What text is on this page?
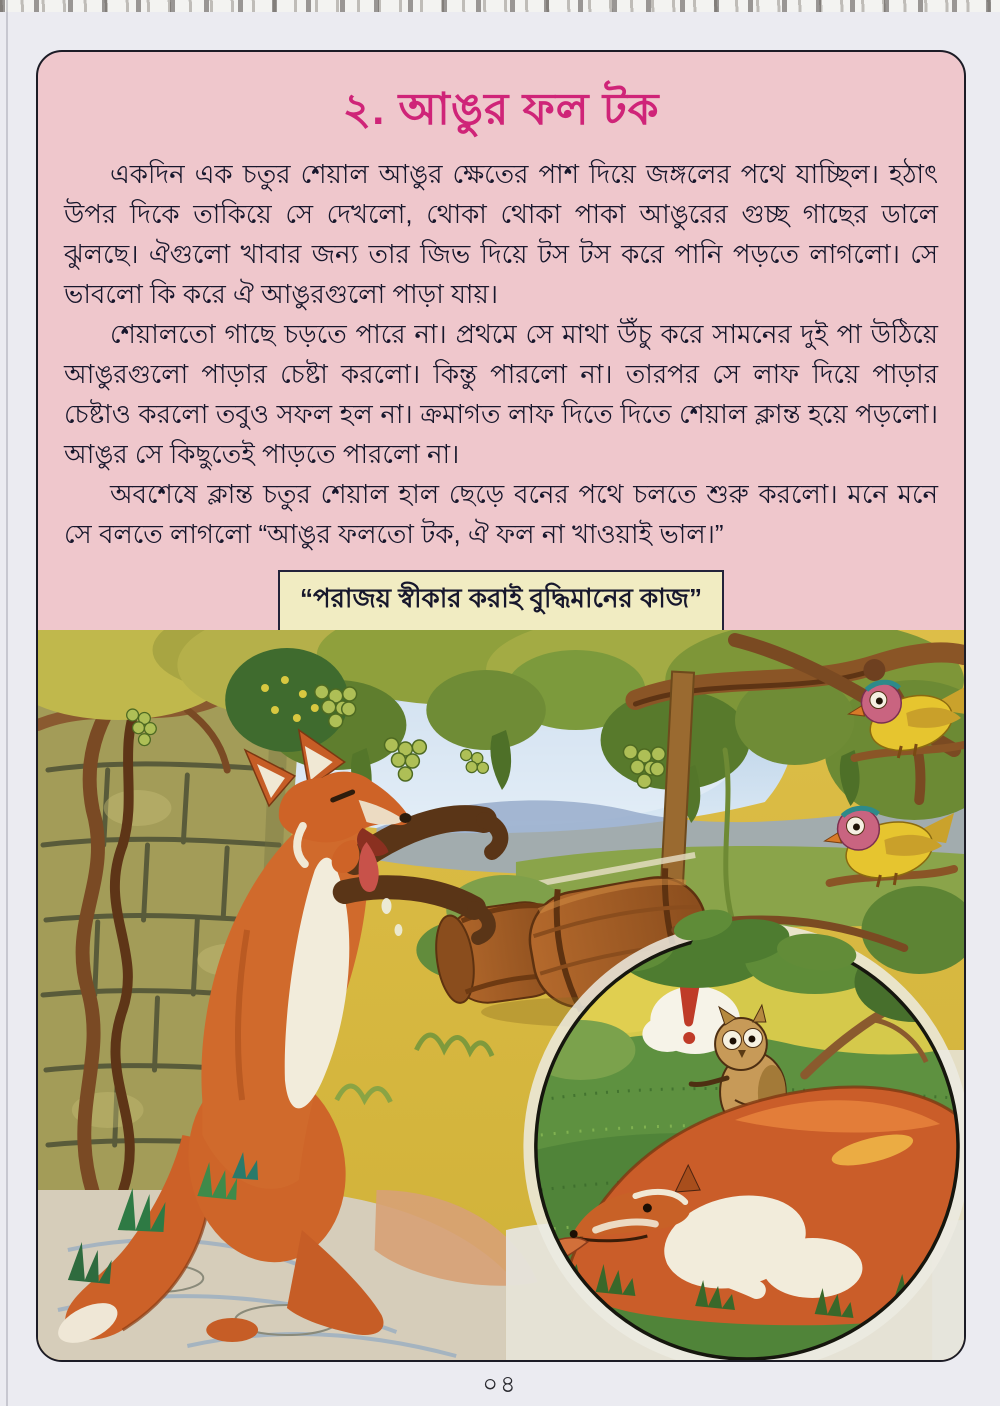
২. আঙুর ফল টক

একদিন এক চতুর শেয়াল আঙুর ক্ষেতের পাশ দিয়ে জঙ্গলের পথে যাচ্ছিল। হঠাৎ উপর দিকে তাকিয়ে সে দেখলো, থোকা থোকা পাকা আঙুরের গুচ্ছ গাছের ডালে ঝুলছে। ঐগুলো খাবার জন্য তার জিভ দিয়ে টস টস করে পানি পড়তে লাগলো। সে ভাবলো কি করে ঐ আঙুরগুলো পাড়া যায়।

শেয়ালতো গাছে চড়তে পারে না। প্রথমে সে মাথা উঁচু করে সামনের দুই পা উঠিয়ে আঙুরগুলো পাড়ার চেষ্টা করলো। কিন্তু পারলো না। তারপর সে লাফ দিয়ে পাড়ার চেষ্টাও করলো তবুও সফল হল না। ক্রমাগত লাফ দিতে দিতে শেয়াল ক্লান্ত হয়ে পড়লো। আঙুর সে কিছুতেই পাড়তে পারলো না।

অবশেষে ক্লান্ত চতুর শেয়াল হাল ছেড়ে বনের পথে চলতে শুরু করলো। মনে মনে সে বলতে লাগলো “আঙুর ফলতো টক, ঐ ফল না খাওয়াই ভাল।”

“পরাজয় স্বীকার করাই বুদ্ধিমানের কাজ”
০৪
